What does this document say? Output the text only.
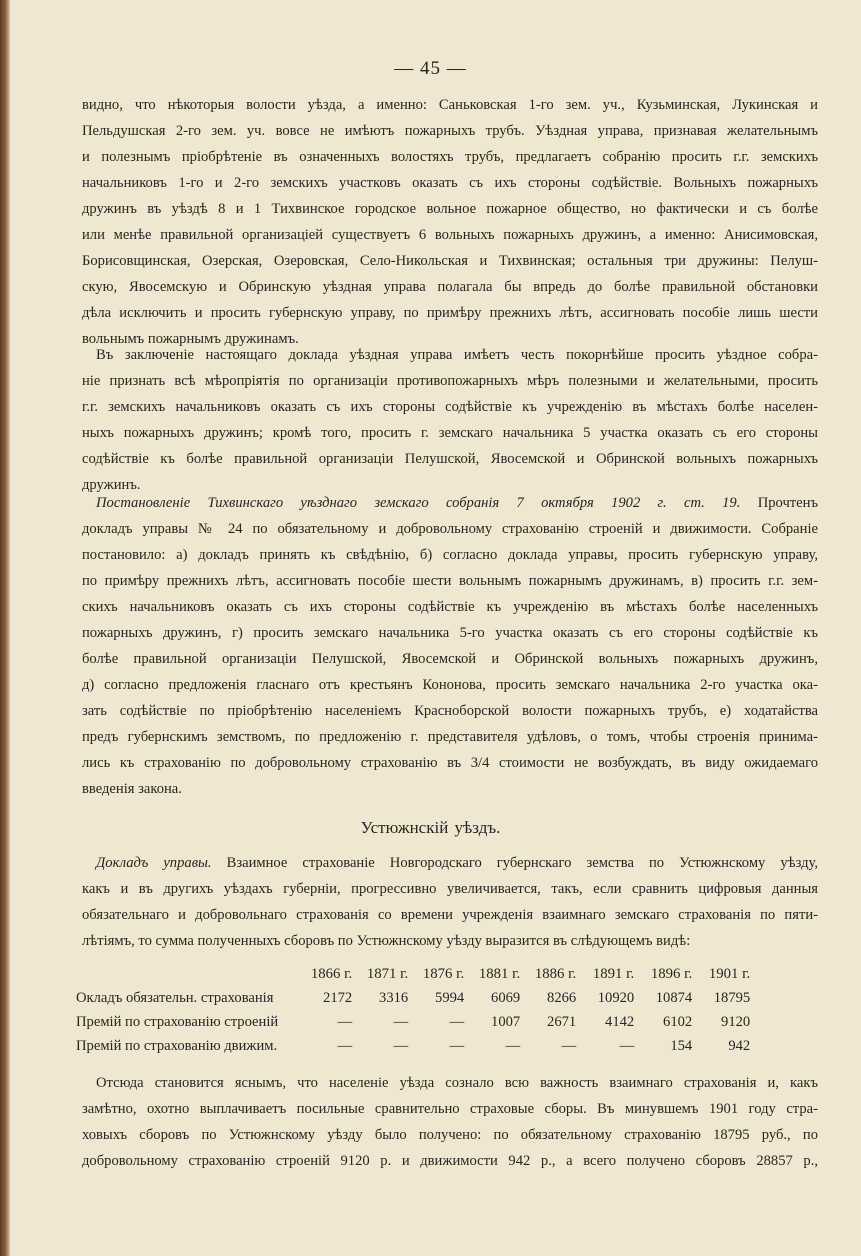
— 45 —
видно, что нѣкоторыя волости уѣзда, а именно: Саньковская 1-го зем. уч., Кузьминская, Лукинская и
Пельдушская 2-го зем. уч. вовсе не имѣютъ пожарныхъ трубъ. Уѣздная управа, признавая желательнымъ
и полезнымъ пріобрѣтеніе въ означенныхъ волостяхъ трубъ, предлагаетъ собранію просить г.г. земскихъ
начальниковъ 1-го и 2-го земскихъ участковъ оказать съ ихъ стороны содѣйствіе. Вольныхъ пожарныхъ
дружинъ въ уѣздѣ 8 и 1 Тихвинское городское вольное пожарное общество, но фактически и съ болѣе
или менѣе правильной организаціей существуетъ 6 вольныхъ пожарныхъ дружинъ, а именно: Анисимовская,
Борисовщинская, Озерская, Озеровская, Село-Никольская и Тихвинская; остальныя три дружины: Пелуш-
скую, Явосемскую и Обринскую уѣздная управа полагала бы впредь до болѣе правильной обстановки
дѣла исключить и просить губернскую управу, по примѣру прежнихъ лѣтъ, ассигновать пособіе лишь шести
вольнымъ пожарнымъ дружинамъ.
Въ заключеніе настоящаго доклада уѣздная управа имѣетъ честь покорнѣйше просить уѣздное собра-
ніе признать всѣ мѣропріятія по организаціи противопожарныхъ мѣръ полезными и желательными, просить
г.г. земскихъ начальниковъ оказать съ ихъ стороны содѣйствіе къ учрежденію въ мѣстахъ болѣе населен-
ныхъ пожарныхъ дружинъ; кромѣ того, просить г. земскаго начальника 5 участка оказать съ его стороны
содѣйствіе къ болѣе правильной организаціи Пелушской, Явосемской и Обринской вольныхъ пожарныхъ
дружинъ.
Постановленіе Тихвинскаго уѣзднаго земскаго собранія 7 октября 1902 г. ст. 19. Прочтенъ
докладъ управы № 24 по обязательному и добровольному страхованію строеній и движимости. Собраніе
постановило: а) докладъ принять къ свѣдѣнію, б) согласно доклада управы, просить губернскую управу,
по примѣру прежнихъ лѣтъ, ассигновать пособіе шести вольнымъ пожарнымъ дружинамъ, в) просить г.г. зем-
скихъ начальниковъ оказать съ ихъ стороны содѣйствіе къ учрежденію въ мѣстахъ болѣе населенныхъ
пожарныхъ дружинъ, г) просить земскаго начальника 5-го участка оказать съ его стороны содѣйствіе къ
болѣе правильной организаціи Пелушской, Явосемской и Обринской вольныхъ пожарныхъ дружинъ,
д) согласно предложенія гласнаго отъ крестьянъ Кононова, просить земскаго начальника 2-го участка ока-
зать содѣйствіе по пріобрѣтенію населеніемъ Красноборской волости пожарныхъ трубъ, е) ходатайства
предъ губернскимъ земствомъ, по предложенію г. представителя удѣловъ, о томъ, чтобы строенія принима-
лись къ страхованію по добровольному страхованію въ 3/4 стоимости не возбуждать, въ виду ожидаемаго
введенія закона.
Устюжнскій уѣздъ.
Докладъ управы. Взаимное страхованіе Новгородскаго губернскаго земства по Устюжнскому уѣзду,
какъ и въ другихъ уѣздахъ губерніи, прогрессивно увеличивается, такъ, если сравнить цифровыя данныя
обязательнаго и добровольнаго страхованія со времени учрежденія взаимнаго земскаго страхованія по пяти-
лѣтіямъ, то сумма полученныхъ сборовъ по Устюжнскому уѣзду выразится въ слѣдующемъ видѣ:
	1866 г.	1871 г.	1876 г.	1881 г.	1886 г.	1891 г.	1896 г.	1901 г.
Окладъ обязательн. страхованія	2172	3316	5994	6069	8266	10920	10874	18795
Премій по страхованію строеній	—	—	—	1007	2671	4142	6102	9120
Премій по страхованію движим.	—	—	—	—	—	—	154	942
Отсюда становится яснымъ, что населеніе уѣзда сознало всю важность взаимнаго страхованія и, какъ
замѣтно, охотно выплачиваетъ посильные сравнительно страховые сборы. Въ минувшемъ 1901 году стра-
ховыхъ сборовъ по Устюжнскому уѣзду было получено: по обязательному страхованію 18795 руб., по
добровольному страхованію строеній 9120 р. и движимости 942 р., а всего получено сборовъ 28857 р.,
